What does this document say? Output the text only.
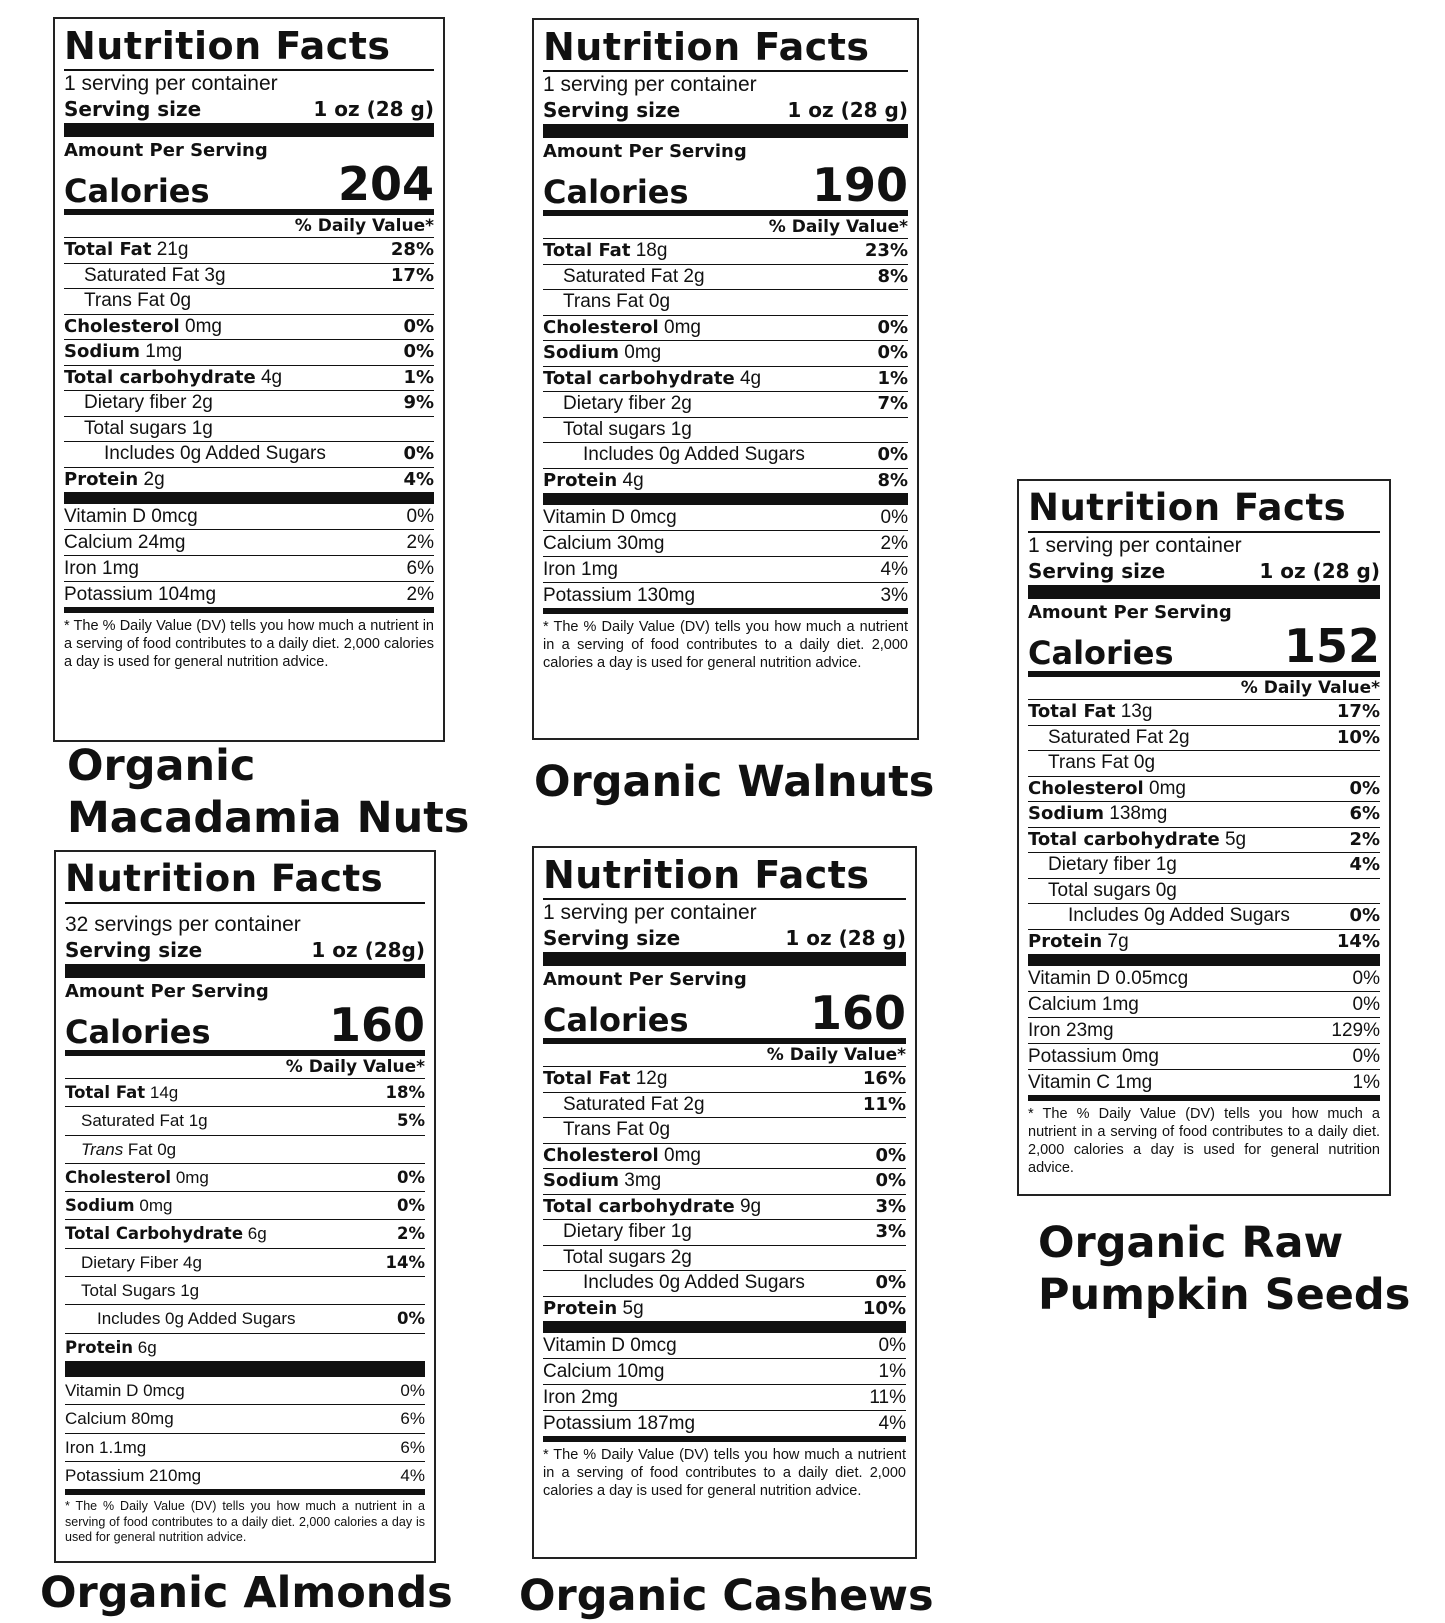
Nutrition Facts
1 serving per container
Serving size	1 oz (28 g)
Amount Per Serving
Calories	204
% Daily Value*
Total Fat 21g	28%
Saturated Fat 3g	17%
Trans Fat 0g
Cholesterol 0mg	0%
Sodium 1mg	0%
Total carbohydrate 4g	1%
Dietary fiber 2g	9%
Total sugars 1g
Includes 0g Added Sugars	0%
Protein 2g	4%
Vitamin D 0mcg	0%
Calcium 24mg	2%
Iron 1mg	6%
Potassium 104mg	2%
* The % Daily Value (DV) tells you how much a nutrient in a serving of food contributes to a daily diet. 2,000 calories a day is used for general nutrition advice.
Organic
Macadamia Nuts
Nutrition Facts
1 serving per container
Serving size	1 oz (28 g)
Amount Per Serving
Calories	190
% Daily Value*
Total Fat 18g	23%
Saturated Fat 2g	8%
Trans Fat 0g
Cholesterol 0mg	0%
Sodium 0mg	0%
Total carbohydrate 4g	1%
Dietary fiber 2g	7%
Total sugars 1g
Includes 0g Added Sugars	0%
Protein 4g	8%
Vitamin D 0mcg	0%
Calcium 30mg	2%
Iron 1mg	4%
Potassium 130mg	3%
* The % Daily Value (DV) tells you how much a nutrient in a serving of food contributes to a daily diet. 2,000 calories a day is used for general nutrition advice.
Organic Walnuts
Nutrition Facts
1 serving per container
Serving size	1 oz (28 g)
Amount Per Serving
Calories 152
% Daily Value*
Total Fat 13g	17%
Saturated Fat 2g	10%
Trans Fat 0g
Cholesterol 0mg	0%
Sodium 138mg	6%
Total carbohydrate 5g	2%
Dietary fiber 1g	4%
Total sugars 0g
Includes 0g Added Sugars	0%
Protein 7g	14%
Vitamin D 0.05mcg	0%
Calcium 1mg	0%
Iron 23mg	129%
Potassium 0mg	0%
Vitamin C 1mg	1%
* The % Daily Value (DV) tells you how much a nutrient in a serving of food contributes to a daily diet. 2,000 calories a day is used for general nutrition advice.
Organic Raw
Pumpkin Seeds
Nutrition Facts
32 servings per container
Serving size	1 oz (28g)
Amount Per Serving
Calories	160
% Daily Value*
Total Fat 14g	18%
Saturated Fat 1g	5%
Trans Fat 0g
Cholesterol 0mg	0%
Sodium 0mg	0%
Total Carbohydrate 6g	2%
Dietary Fiber 4g	14%
Total Sugars 1g
Includes 0g Added Sugars	0%
Protein 6g
Vitamin D 0mcg	0%
Calcium 80mg	6%
Iron 1.1mg	6%
Potassium 210mg	4%
* The % Daily Value (DV) tells you how much a nutrient in a serving of food contributes to a daily diet. 2,000 calories a day is used for general nutrition advice.
Organic Almonds
Nutrition Facts
1 serving per container
Serving size	1 oz (28 g)
Amount Per Serving
Calories	160
% Daily Value*
Total Fat 12g	16%
Saturated Fat 2g	11%
Trans Fat 0g
Cholesterol 0mg	0%
Sodium 3mg	0%
Total carbohydrate 9g	3%
Dietary fiber 1g	3%
Total sugars 2g
Includes 0g Added Sugars	0%
Protein 5g	10%
Vitamin D 0mcg	0%
Calcium 10mg	1%
Iron 2mg	11%
Potassium 187mg	4%
* The % Daily Value (DV) tells you how much a nutrient in a serving of food contributes to a daily diet. 2,000 calories a day is used for general nutrition advice.
Organic Cashews
